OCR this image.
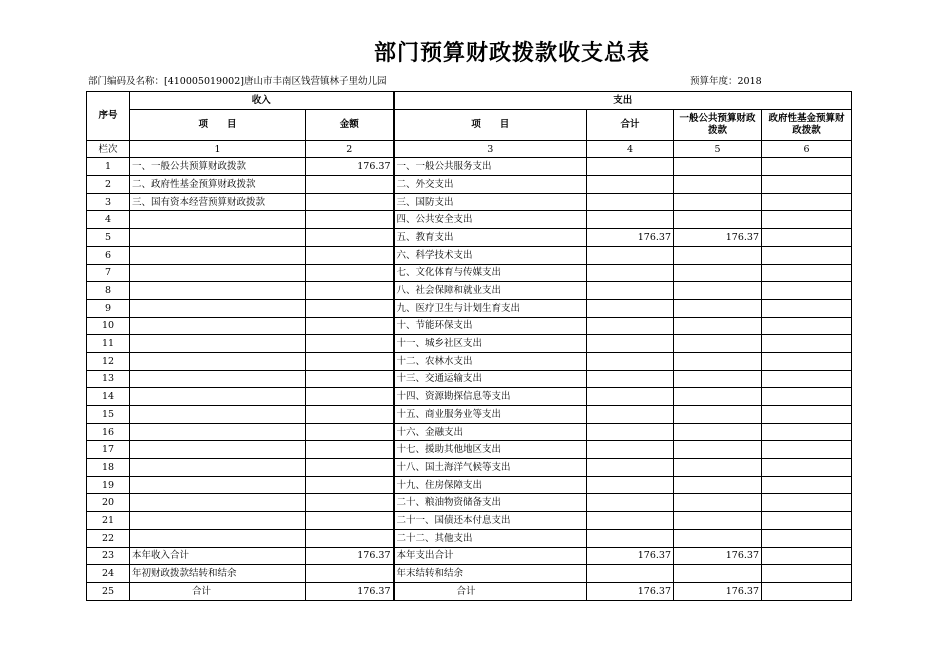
部门预算财政拨款收支总表
部门编码及名称：[410005019002]唐山市丰南区钱营镇林子里幼儿园	预算年度：2018
序号	收入		支出			
	项　　目	金额	项　　目	合计	一般公共预算财政拨款	政府性基金预算财政拨款
栏次	1	2	3	4	5	6
1	一、一般公共预算财政拨款	176.37	一、一般公共服务支出			
2	二、政府性基金预算财政拨款		二、外交支出			
3	三、国有资本经营预算财政拨款		三、国防支出			
4			四、公共安全支出			
5			五、教育支出	176.37	176.37	
6			六、科学技术支出			
7			七、文化体育与传媒支出			
8			八、社会保障和就业支出			
9			九、医疗卫生与计划生育支出			
10			十、节能环保支出			
11			十一、城乡社区支出			
12			十二、农林水支出			
13			十三、交通运输支出			
14			十四、资源勘探信息等支出			
15			十五、商业服务业等支出			
16			十六、金融支出			
17			十七、援助其他地区支出			
18			十八、国土海洋气候等支出			
19			十九、住房保障支出			
20			二十、粮油物资储备支出			
21			二十一、国债还本付息支出			
22			二十二、其他支出			
23	本年收入合计	176.37	本年支出合计	176.37	176.37	
24	年初财政拨款结转和结余		年末结转和结余			
25	合计	176.37	合计	176.37	176.37	
